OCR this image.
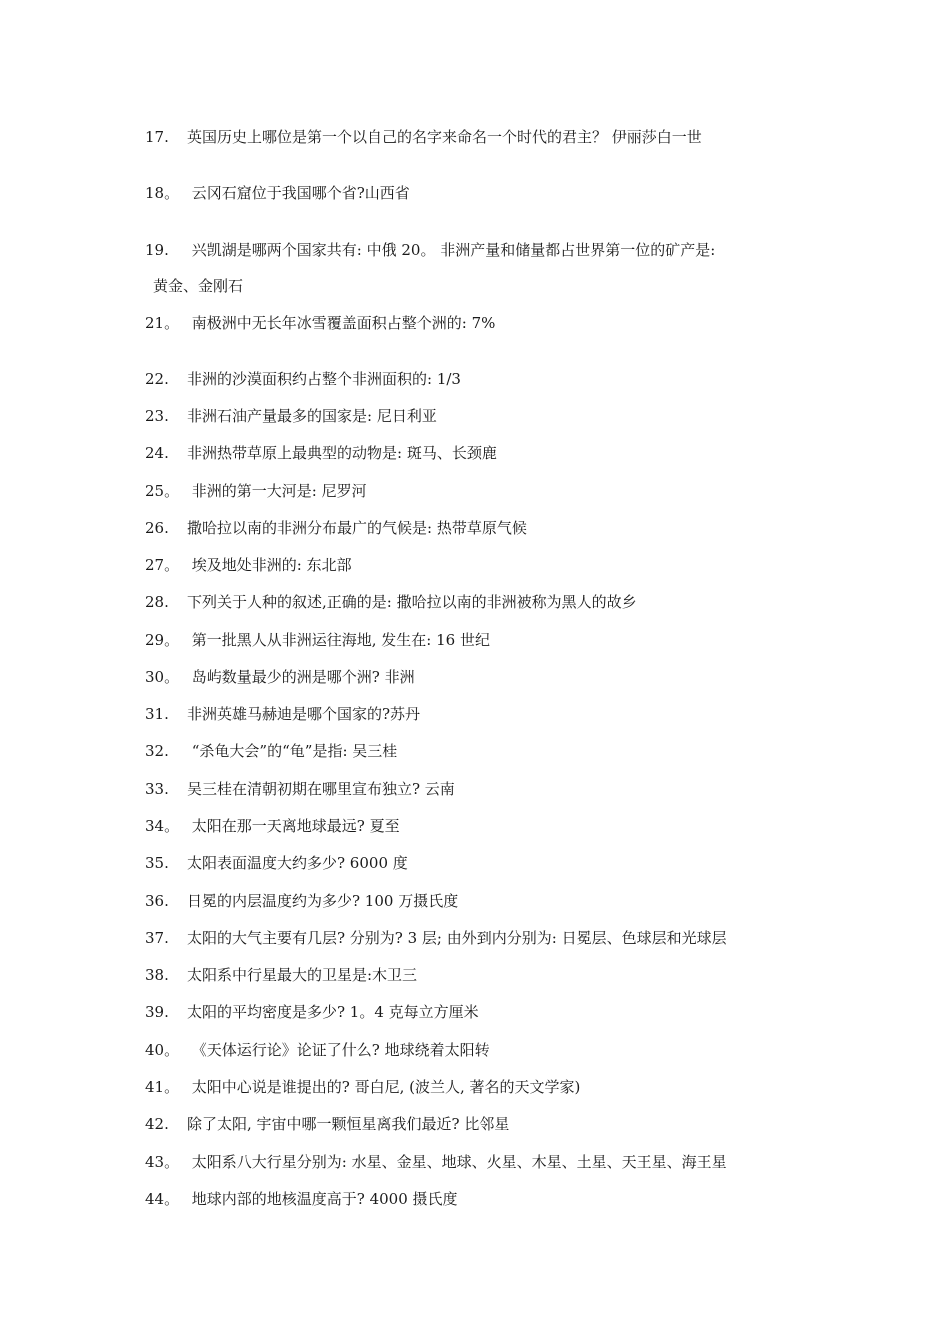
17. 英国历史上哪位是第一个以自己的名字来命名一个时代的君主？ 伊丽莎白一世
18。 云冈石窟位于我国哪个省?山西省
19. 兴凯湖是哪两个国家共有: 中俄 20。 非洲产量和储量都占世界第一位的矿产是:
黄金、金刚石
21。 南极洲中无长年冰雪覆盖面积占整个洲的: 7%
22. 非洲的沙漠面积约占整个非洲面积的: 1/3
23. 非洲石油产量最多的国家是: 尼日利亚
24. 非洲热带草原上最典型的动物是: 斑马、长颈鹿
25。 非洲的第一大河是: 尼罗河
26. 撒哈拉以南的非洲分布最广的气候是: 热带草原气候
27。 埃及地处非洲的: 东北部
28. 下列关于人种的叙述,正确的是: 撒哈拉以南的非洲被称为黑人的故乡
29。 第一批黑人从非洲运往海地, 发生在: 16 世纪
30。 岛屿数量最少的洲是哪个洲? 非洲
31. 非洲英雄马赫迪是哪个国家的?苏丹
32. “杀龟大会”的“龟”是指: 吴三桂
33. 吴三桂在清朝初期在哪里宣布独立? 云南
34。 太阳在那一天离地球最远? 夏至
35. 太阳表面温度大约多少? 6000 度
36. 日冕的内层温度约为多少? 100 万摄氏度
37. 太阳的大气主要有几层? 分别为? 3 层; 由外到内分别为: 日冕层、色球层和光球层
38. 太阳系中行星最大的卫星是:木卫三
39. 太阳的平均密度是多少? 1。4 克每立方厘米
40。 《天体运行论》论证了什么? 地球绕着太阳转
41。 太阳中心说是谁提出的? 哥白尼, (波兰人, 著名的天文学家)
42. 除了太阳, 宇宙中哪一颗恒星离我们最近? 比邻星
43。 太阳系八大行星分别为: 水星、金星、地球、火星、木星、土星、天王星、海王星
44。 地球内部的地核温度高于? 4000 摄氏度
